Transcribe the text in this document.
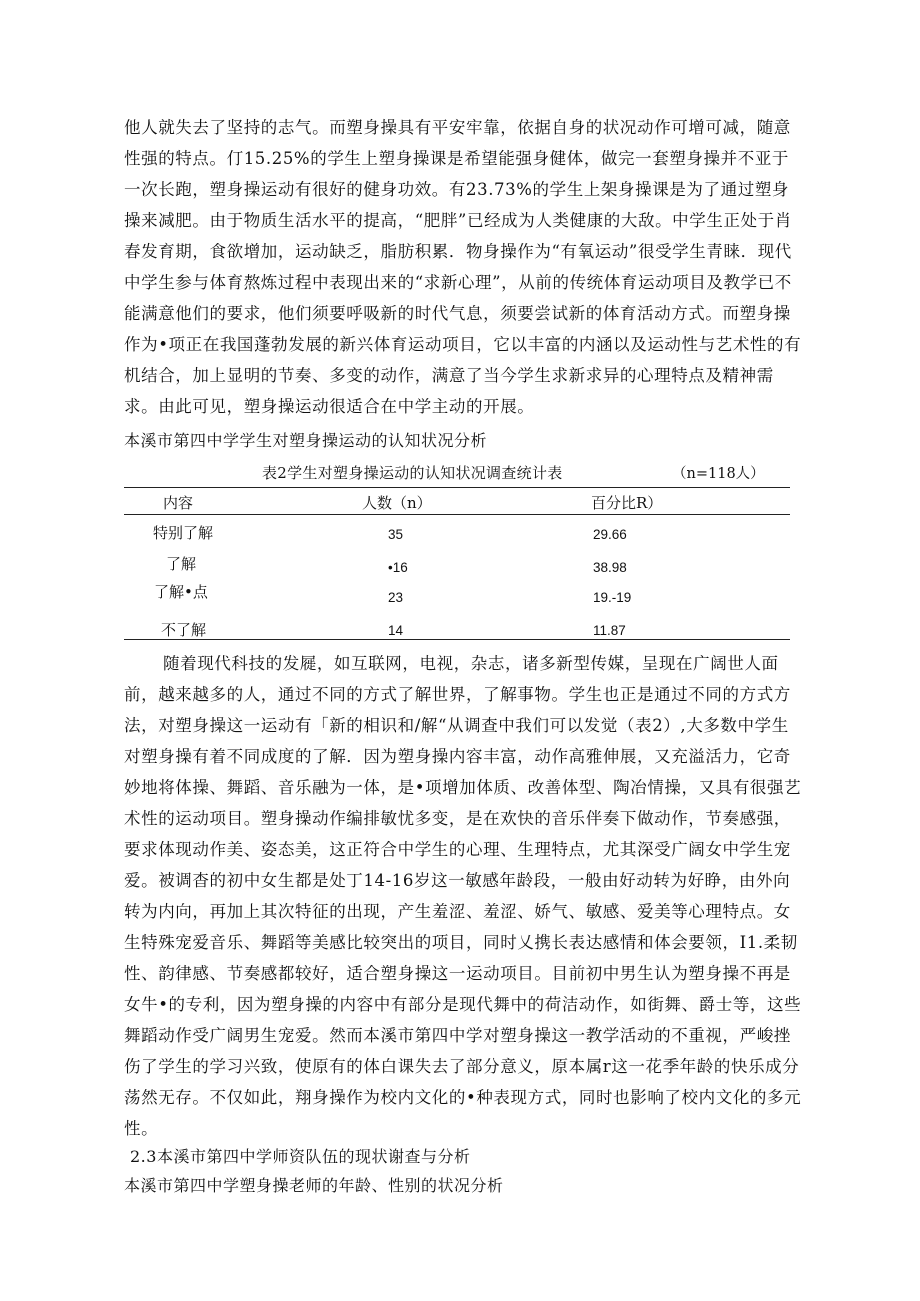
他人就失去了坚持的志气。而塑身操具有平安牢靠，依据自身的状况动作可增可减，随意性强的特点。仃15.25%的学生上塑身操课是希望能强身健体，做完一套塑身操并不亚于一次长跑，塑身操运动有很好的健身功效。有23.73%的学生上架身操课是为了通过塑身操来减肥。由于物质生活水平的提高，“肥胖”已经成为人类健康的大敌。中学生正处于肖春发育期，食欲增加，运动缺乏，脂肪积累．物身操作为“有氧运动”很受学生青睐．现代中学生参与体育熬炼过程中表现出来的“求新心理”，从前的传统体育运动项目及教学已不能满意他们的要求，他们须要呼吸新的时代气息，须要尝试新的体育活动方式。而塑身操作为•项正在我国蓬勃发展的新兴体育运动项目，它以丰富的内涵以及运动性与艺术性的有机结合，加上显明的节奏、多变的动作，满意了当今学生求新求异的心理特点及精神需求。由此可见，塑身操运动很适合在中学主动的开展。

本溪市第四中学学生对塑身操运动的认知状况分析

表2学生对塑身操运动的认知状况调查统计表	（n=118人）

内容	人数（n）	百分比R）

特别了解	35	29.66

了解	•16	38.98

了解•点	23	19.-19

不了解	14	11.87

随着现代科技的发屣，如互联网，电视，杂志，诸多新型传媒，呈现在广阔世人面前，越来越多的人，通过不同的方式了解世界，了解事物。学生也正是通过不同的方式方法，对塑身操这一运动有「新的相识和/解“从调查中我们可以发觉（表2）,大多数中学生对塑身操有着不同成度的了解．因为塑身操内容丰富，动作高雅伸展，又充溢活力，它奇妙地将体操、舞蹈、音乐融为一体，是•项增加体质、改善体型、陶冶情操，又具有很强艺术性的运动项目。塑身操动作编排敏忧多变，是在欢快的音乐伴奏下做动作，节奏感强，要求体现动作美、姿态美，这正符合中学生的心理、生理特点，尤其深受广阔女中学生宠爱。被调杳的初中女生都是处丁14-16岁这一敏感年龄段，一般由好动转为好睁，由外向转为内向，再加上其次特征的出现，产生羞涩、羞涩、娇气、敏感、爱美等心理特点。女生特殊宠爱音乐、舞蹈等美感比较突出的项目，同时乂携长表达感情和体会要领，I1.柔韧性、韵律感、节奏感都较好，适合塑身操这一运动项目。目前初中男生认为塑身操不再是女牛•的专利，因为塑身操的内容中有部分是现代舞中的荷洁动作，如街舞、爵士等，这些舞蹈动作受广阔男生宠爱。然而本溪市第四中学对塑身操这一教学活动的不重视，严峻挫伤了学生的学习兴致，使原有的体白课失去了部分意义，原本属r这一花季年龄的快乐成分荡然无存。不仅如此，翔身操作为校内文化的•种表现方式，同时也影响了校内文化的多元性。

2.3本溪市第四中学师资队伍的现状谢查与分析

本溪市第四中学塑身操老师的年龄、性别的状况分析
